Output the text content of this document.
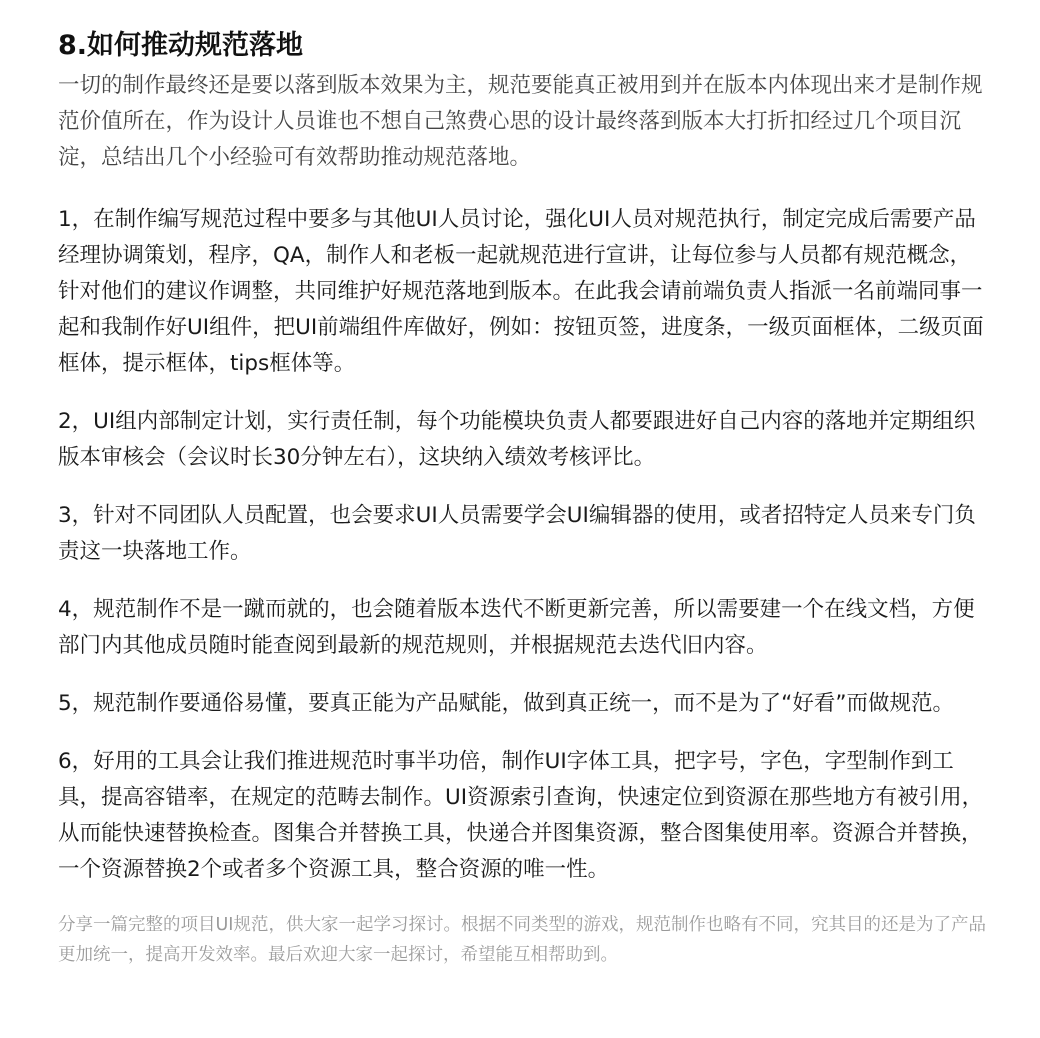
8.如何推动规范落地
一切的制作最终还是要以落到版本效果为主，规范要能真正被用到并在版本内体现出来才是制作规范价值所在，作为设计人员谁也不想自己煞费心思的设计最终落到版本大打折扣经过几个项目沉淀，总结出几个小经验可有效帮助推动规范落地。
1，在制作编写规范过程中要多与其他UI人员讨论，强化UI人员对规范执行，制定完成后需要产品经理协调策划，程序，QA，制作人和老板一起就规范进行宣讲，让每位参与人员都有规范概念，针对他们的建议作调整，共同维护好规范落地到版本。在此我会请前端负责人指派一名前端同事一起和我制作好UI组件，把UI前端组件库做好，例如：按钮页签，进度条，一级页面框体，二级页面框体，提示框体，tips框体等。
2，UI组内部制定计划，实行责任制，每个功能模块负责人都要跟进好自己内容的落地并定期组织版本审核会（会议时长30分钟左右），这块纳入绩效考核评比。
3，针对不同团队人员配置，也会要求UI人员需要学会UI编辑器的使用，或者招特定人员来专门负责这一块落地工作。
4，规范制作不是一蹴而就的，也会随着版本迭代不断更新完善，所以需要建一个在线文档，方便部门内其他成员随时能查阅到最新的规范规则，并根据规范去迭代旧内容。
5，规范制作要通俗易懂，要真正能为产品赋能，做到真正统一，而不是为了“好看”而做规范。
6，好用的工具会让我们推进规范时事半功倍，制作UI字体工具，把字号，字色，字型制作到工具，提高容错率，在规定的范畴去制作。UI资源索引查询，快速定位到资源在那些地方有被引用，从而能快速替换检查。图集合并替换工具，快递合并图集资源，整合图集使用率。资源合并替换，一个资源替换2个或者多个资源工具，整合资源的唯一性。
分享一篇完整的项目UI规范，供大家一起学习探讨。根据不同类型的游戏，规范制作也略有不同，究其目的还是为了产品更加统一，提高开发效率。最后欢迎大家一起探讨，希望能互相帮助到。
